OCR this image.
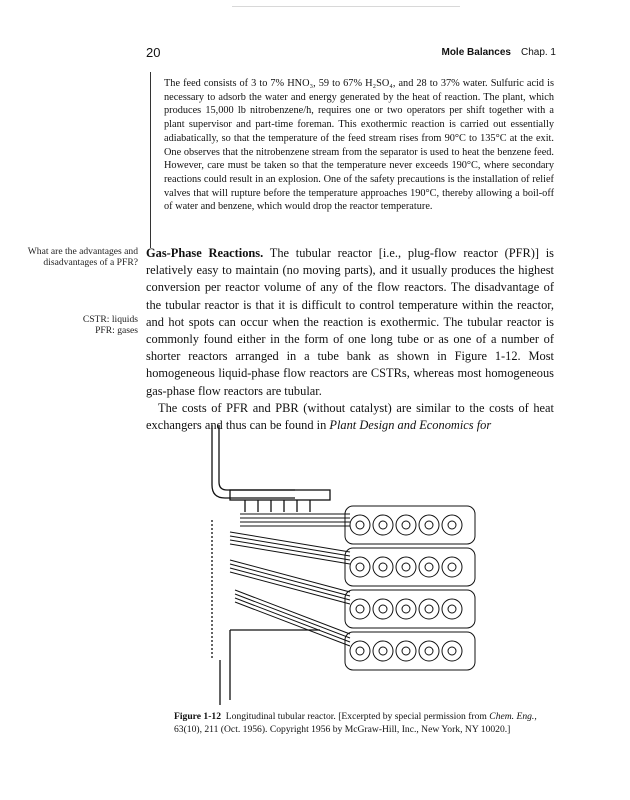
20	Mole Balances Chap. 1
The feed consists of 3 to 7% HNO₃, 59 to 67% H₂SO₄, and 28 to 37% water. Sulfuric acid is necessary to adsorb the water and energy generated by the heat of reaction. The plant, which produces 15,000 lb nitrobenzene/h, requires one or two operators per shift together with a plant supervisor and part-time foreman. This exothermic reaction is carried out essentially adiabatically, so that the temperature of the feed stream rises from 90°C to 135°C at the exit. One observes that the nitrobenzene stream from the separator is used to heat the benzene feed. However, care must be taken so that the temperature never exceeds 190°C, where secondary reactions could result in an explosion. One of the safety precautions is the installation of relief valves that will rupture before the temperature approaches 190°C, thereby allowing a boil-off of water and benzene, which would drop the reactor temperature.
What are the advantages and disadvantages of a PFR?
CSTR: liquids
PFR: gases

Gas-Phase Reactions. The tubular reactor [i.e., plug-flow reactor (PFR)] is relatively easy to maintain (no moving parts), and it usually produces the highest conversion per reactor volume of any of the flow reactors. The disadvantage of the tubular reactor is that it is difficult to control temperature within the reactor, and hot spots can occur when the reaction is exothermic. The tubular reactor is commonly found either in the form of one long tube or as one of a number of shorter reactors arranged in a tube bank as shown in Figure 1-12. Most homogeneous liquid-phase flow reactors are CSTRs, whereas most homogeneous gas-phase flow reactors are tubular.

The costs of PFR and PBR (without catalyst) are similar to the costs of heat exchangers and thus can be found in Plant Design and Economics for

Figure 1-12 Longitudinal tubular reactor. [Excerpted by special permission from Chem. Eng., 63(10), 211 (Oct. 1956). Copyright 1956 by McGraw-Hill, Inc., New York, NY 10020.]
